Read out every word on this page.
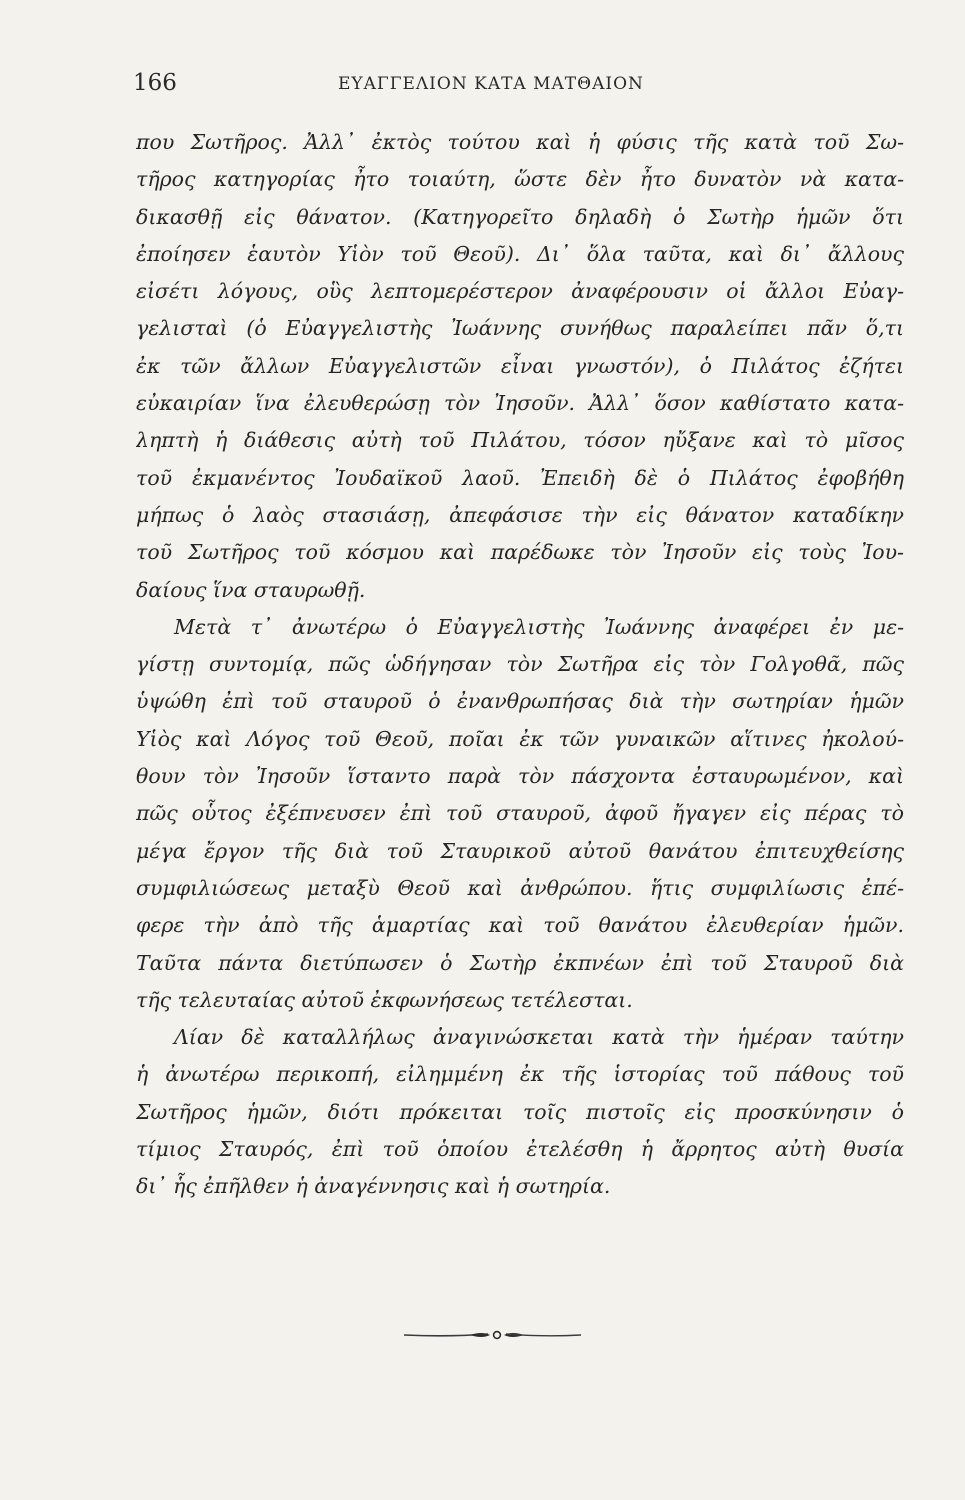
166	ΕΥΑΓΓΕΛΙΟΝ ΚΑΤΑ ΜΑΤΘΑΙΟΝ
που Σωτῆρος. Ἀλλ᾽ ἐκτὸς τούτου καὶ ἡ φύσις τῆς κατὰ τοῦ Σω-
τῆρος κατηγορίας ἦτο τοιαύτη, ὥστε δὲν ἦτο δυνατὸν νὰ κατα-
δικασθῇ εἰς θάνατον. (Κατηγορεῖτο δηλαδὴ ὁ Σωτὴρ ἡμῶν ὅτι
ἐποίησεν ἑαυτὸν Υἱὸν τοῦ Θεοῦ). Δι᾽ ὅλα ταῦτα, καὶ δι᾽ ἄλλους
εἰσέτι λόγους, οὓς λεπτομερέστερον ἀναφέρουσιν οἱ ἄλλοι Εὐαγ-
γελισταὶ (ὁ Εὐαγγελιστὴς Ἰωάννης συνήθως παραλείπει πᾶν ὅ,τι
ἐκ τῶν ἄλλων Εὐαγγελιστῶν εἶναι γνωστόν), ὁ Πιλάτος ἐζήτει
εὐκαιρίαν ἵνα ἐλευθερώσῃ τὸν Ἰησοῦν. Ἀλλ᾽ ὅσον καθίστατο κατα-
ληπτὴ ἡ διάθεσις αὐτὴ τοῦ Πιλάτου, τόσον ηὔξανε καὶ τὸ μῖσος
τοῦ ἐκμανέντος Ἰουδαϊκοῦ λαοῦ. Ἐπειδὴ δὲ ὁ Πιλάτος ἐφοβήθη
μήπως ὁ λαὸς στασιάσῃ, ἀπεφάσισε τὴν εἰς θάνατον καταδίκην
τοῦ Σωτῆρος τοῦ κόσμου καὶ παρέδωκε τὸν Ἰησοῦν εἰς τοὺς Ἰου-
δαίους ἵνα σταυρωθῇ.
Μετὰ τ᾽ ἀνωτέρω ὁ Εὐαγγελιστὴς Ἰωάννης ἀναφέρει ἐν με-
γίστῃ συντομίᾳ, πῶς ὡδήγησαν τὸν Σωτῆρα εἰς τὸν Γολγοθᾶ, πῶς
ὑψώθη ἐπὶ τοῦ σταυροῦ ὁ ἐνανθρωπήσας διὰ τὴν σωτηρίαν ἡμῶν
Υἱὸς καὶ Λόγος τοῦ Θεοῦ, ποῖαι ἐκ τῶν γυναικῶν αἵτινες ἠκολού-
θουν τὸν Ἰησοῦν ἵσταντο παρὰ τὸν πάσχοντα ἐσταυρωμένον, καὶ
πῶς οὗτος ἐξέπνευσεν ἐπὶ τοῦ σταυροῦ, ἀφοῦ ἤγαγεν εἰς πέρας τὸ
μέγα ἔργον τῆς διὰ τοῦ Σταυρικοῦ αὐτοῦ θανάτου ἐπιτευχθείσης
συμφιλιώσεως μεταξὺ Θεοῦ καὶ ἀνθρώπου. ἥτις συμφιλίωσις ἐπέ-
φερε τὴν ἀπὸ τῆς ἁμαρτίας καὶ τοῦ θανάτου ἐλευθερίαν ἡμῶν.
Ταῦτα πάντα διετύπωσεν ὁ Σωτὴρ ἐκπνέων ἐπὶ τοῦ Σταυροῦ διὰ
τῆς τελευταίας αὐτοῦ ἐκφωνήσεως τετέλεσται.
Λίαν δὲ καταλλήλως ἀναγινώσκεται κατὰ τὴν ἡμέραν ταύτην
ἡ ἀνωτέρω περικοπή, εἰλημμένη ἐκ τῆς ἱστορίας τοῦ πάθους τοῦ
Σωτῆρος ἡμῶν, διότι πρόκειται τοῖς πιστοῖς εἰς προσκύνησιν ὁ
τίμιος Σταυρός, ἐπὶ τοῦ ὁποίου ἐτελέσθη ἡ ἄρρητος αὐτὴ θυσία
δι᾽ ἧς ἐπῆλθεν ἡ ἀναγέννησις καὶ ἡ σωτηρία.
